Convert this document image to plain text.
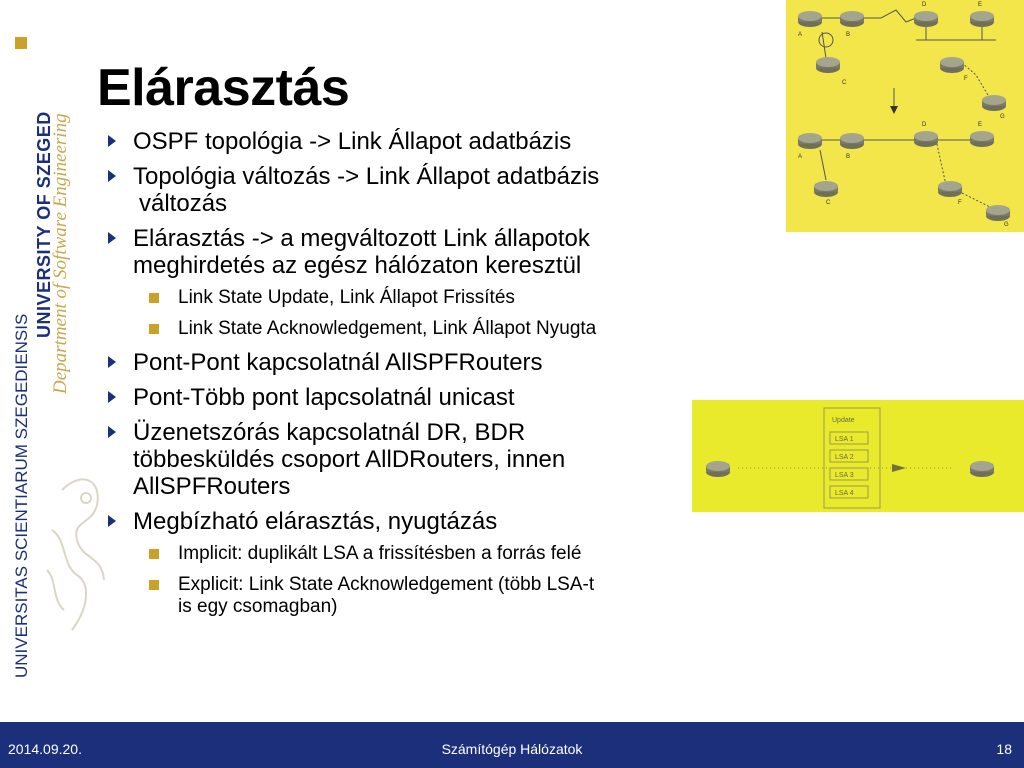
UNIVERSITAS SCIENTIARUM SZEGEDIENSIS
UNIVERSITY OF SZEGED
Department of Software Engineering
Elárasztás
OSPF topológia -> Link Állapot adatbázis
Topológia változás -> Link Állapot adatbázis
változás
Elárasztás -> a megváltozott Link állapotok
meghirdetés az egész hálózaton keresztül
Link State Update, Link Állapot Frissítés
Link State Acknowledgement, Link Állapot Nyugta
Pont-Pont kapcsolatnál AllSPFRouters
Pont-Több pont lapcsolatnál unicast
Üzenetszórás kapcsolatnál DR, BDR
többesküldés csoport AllDRouters, innen
AllSPFRouters
Megbízható elárasztás, nyugtázás
Implicit: duplikált LSA a frissítésben a forrás felé
Explicit: Link State Acknowledgement (több LSA-t
is egy csomagban)
A	B
C
D	E
F
G
A	B
C
D	E
F
G
Update
LSA 1
LSA 2
LSA 3
LSA 4
2014.09.20.	Számítógép Hálózatok	18
